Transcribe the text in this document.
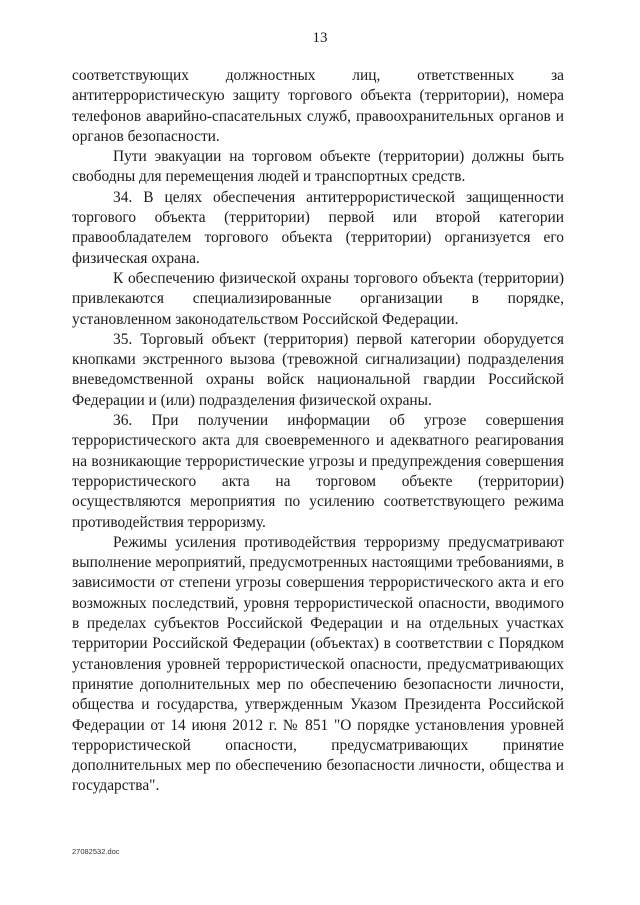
13

соответствующих должностных лиц, ответственных за антитеррористическую защиту торгового объекта (территории), номера телефонов аварийно-спасательных служб, правоохранительных органов и органов безопасности.

Пути эвакуации на торговом объекте (территории) должны быть свободны для перемещения людей и транспортных средств.

34. В целях обеспечения антитеррористической защищенности торгового объекта (территории) первой или второй категории правообладателем торгового объекта (территории) организуется его физическая охрана.

К обеспечению физической охраны торгового объекта (территории) привлекаются специализированные организации в порядке, установленном законодательством Российской Федерации.

35. Торговый объект (территория) первой категории оборудуется кнопками экстренного вызова (тревожной сигнализации) подразделения вневедомственной охраны войск национальной гвардии Российской Федерации и (или) подразделения физической охраны.

36. При получении информации об угрозе совершения террористического акта для своевременного и адекватного реагирования на возникающие террористические угрозы и предупреждения совершения террористического акта на торговом объекте (территории) осуществляются мероприятия по усилению соответствующего режима противодействия терроризму.

Режимы усиления противодействия терроризму предусматривают выполнение мероприятий, предусмотренных настоящими требованиями, в зависимости от степени угрозы совершения террористического акта и его возможных последствий, уровня террористической опасности, вводимого в пределах субъектов Российской Федерации и на отдельных участках территории Российской Федерации (объектах) в соответствии с Порядком установления уровней террористической опасности, предусматривающих принятие дополнительных мер по обеспечению безопасности личности, общества и государства, утвержденным Указом Президента Российской Федерации от 14 июня 2012 г. № 851 "О порядке установления уровней террористической опасности, предусматривающих принятие дополнительных мер по обеспечению безопасности личности, общества и государства".

27082532.doc
